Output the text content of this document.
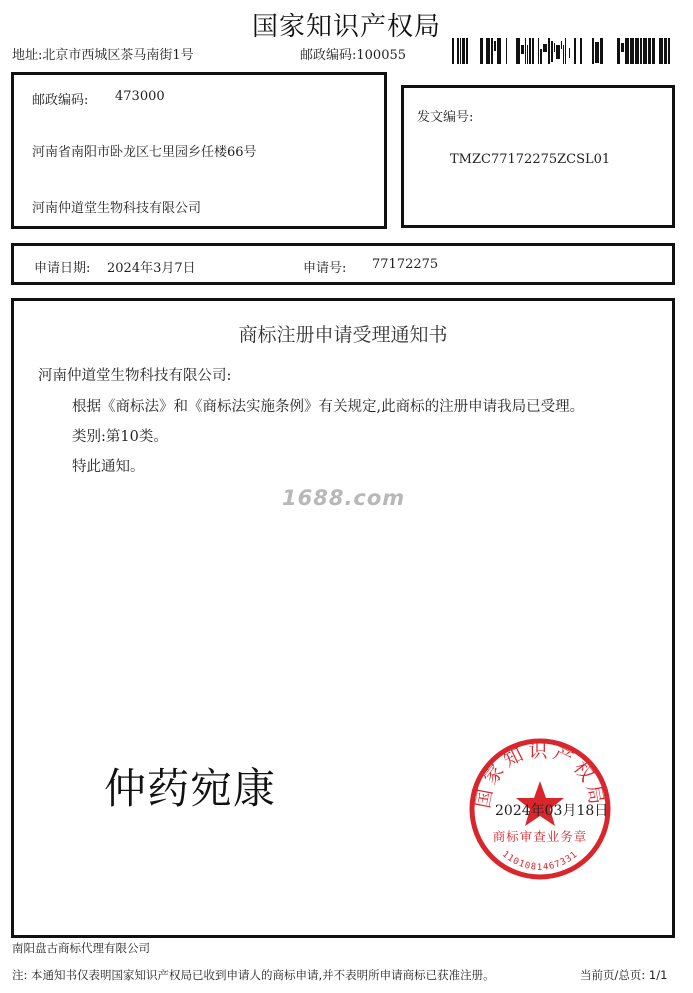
国家知识产权局
地址:北京市西城区茶马南街1号	邮政编码:100055
邮政编码: 473000
河南省南阳市卧龙区七里园乡任楼66号
河南仲道堂生物科技有限公司
发文编号:
TMZC77172275ZCSL01
申请日期: 2024年3月7日	申请号: 77172275
商标注册申请受理通知书
河南仲道堂生物科技有限公司:
根据《商标法》和《商标法实施条例》有关规定,此商标的注册申请我局已受理。
类别:第10类。
特此通知。
1688.com
仲药宛康	国家知识产权局
商标审查业务章
1101081467331
2024年03月18日
南阳盘古商标代理有限公司
注: 本通知书仅表明国家知识产权局已收到申请人的商标申请,并不表明所申请商标已获准注册。	当前页/总页: 1/1
